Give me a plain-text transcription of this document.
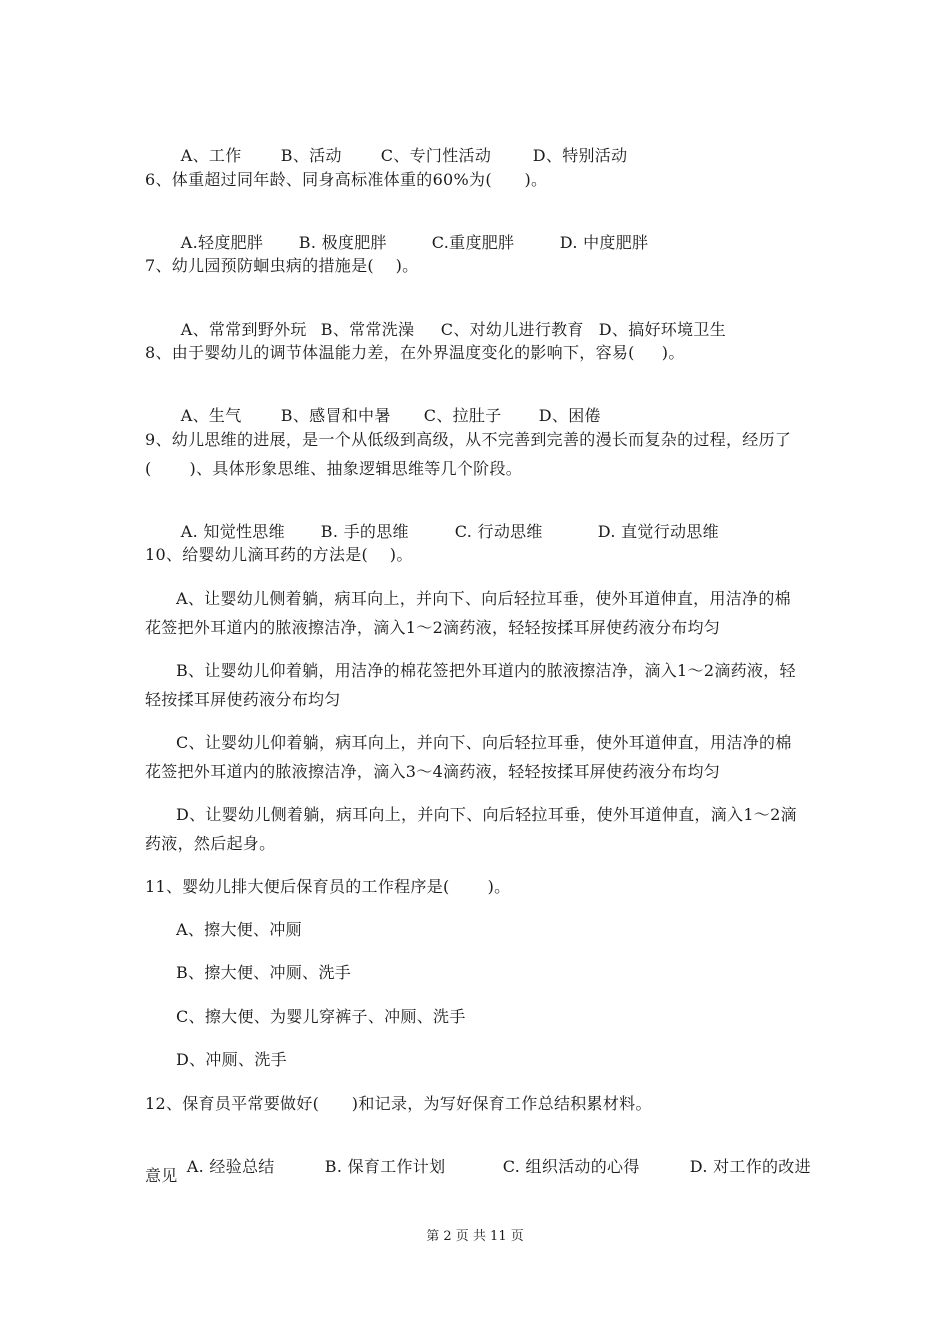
A、工作 B、活动 C、专门性活动	D、特别活动

6、体重超过同年龄、同身高标准体重的60%为(　　)。

A.轻度肥胖 B. 极度肥胖	C.重度肥胖	D. 中度肥胖

7、幼儿园预防蛔虫病的措施是(　 )。

A、常常到野外玩 B、常常洗澡 C、对幼儿进行教育 D、搞好环境卫生

8、由于婴幼儿的调节体温能力差，在外界温度变化的影响下，容易(　  )。

A、生气 B、感冒和中暑 C、拉肚子 D、困倦

9、幼儿思维的进展，是一个从低级到高级，从不完善到完善的漫长而复杂的过程，经历了
(　　 )、具体形象思维、抽象逻辑思维等几个阶段。

A. 知觉性思维 B. 手的思维	C. 行动思维	D. 直觉行动思维

10、给婴幼儿滴耳药的方法是(　 )。
A、让婴幼儿侧着躺，病耳向上，并向下、向后轻拉耳垂，使外耳道伸直，用洁净的棉
花签把外耳道内的脓液擦洁净，滴入1～2滴药液，轻轻按揉耳屏使药液分布均匀
B、让婴幼儿仰着躺，用洁净的棉花签把外耳道内的脓液擦洁净，滴入1～2滴药液，轻
轻按揉耳屏使药液分布均匀
C、让婴幼儿仰着躺，病耳向上，并向下、向后轻拉耳垂，使外耳道伸直，用洁净的棉
花签把外耳道内的脓液擦洁净，滴入3～4滴药液，轻轻按揉耳屏使药液分布均匀
D、让婴幼儿侧着躺，病耳向上，并向下、向后轻拉耳垂，使外耳道伸直，滴入1～2滴
药液，然后起身。
11、婴幼儿排大便后保育员的工作程序是(　　 )。
A、擦大便、冲厕
B、擦大便、冲厕、洗手
C、擦大便、为婴儿穿裤子、冲厕、洗手
D、冲厕、洗手
12、保育员平常要做好(　　)和记录，为写好保育工作总结积累材料。

A. 经验总结	B. 保育工作计划	C. 组织活动的心得	D. 对工作的改进

意见
第 2 页 共 11 页
